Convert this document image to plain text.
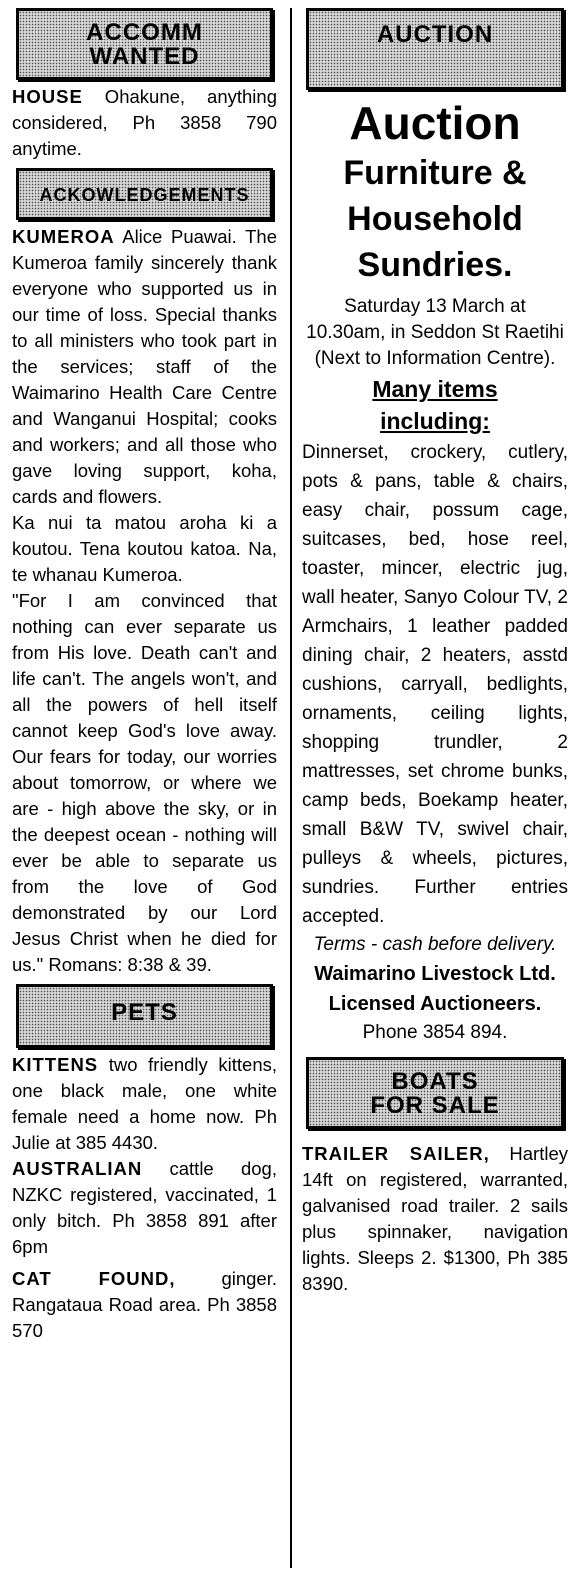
ACCOMM
WANTED

HOUSE Ohakune, anything considered, Ph 3858 790 anytime.

ACKOWLEDGEMENTS
KUMEROA Alice Puawai. The Kumeroa family sincerely thank everyone who supported us in our time of loss. Special thanks to all ministers who took part in the services; staff of the Waimarino Health Care Centre and Wanganui Hospital; cooks and workers; and all those who gave loving support, koha, cards and flowers.
Ka nui ta matou aroha ki a koutou. Tena koutou katoa. Na, te whanau Kumeroa.
"For I am convinced that nothing can ever separate us from His love. Death can't and life can't. The angels won't, and all the powers of hell itself cannot keep God's love away. Our fears for today, our worries about tomorrow, or where we are - high above the sky, or in the deepest ocean - nothing will ever be able to separate us from the love of God demonstrated by our Lord Jesus Christ when he died for us." Romans: 8:38 & 39.
PETS

KITTENS two friendly kittens, one black male, one white female need a home now. Ph Julie at 385 4430.

AUSTRALIAN cattle dog, NZKC registered, vaccinated, 1 only bitch. Ph 3858 891 after 6pm

CAT FOUND, ginger. Rangataua Road area. Ph 3858 570

AUCTION
Auction
Furniture &
Household
Sundries.
Saturday 13 March at 10.30am, in Seddon St Raetihi (Next to Information Centre).
Many items
including:
Dinnerset, crockery, cutlery, pots & pans, table & chairs, easy chair, possum cage, suitcases, bed, hose reel, toaster, mincer, electric jug, wall heater, Sanyo Colour TV, 2 Armchairs, 1 leather padded dining chair, 2 heaters, asstd cushions, carryall, bedlights, ornaments, ceiling lights, shopping trundler, 2 mattresses, set chrome bunks, camp beds, Boekamp heater, small B&W TV, swivel chair, pulleys & wheels, pictures, sundries. Further entries accepted.
Terms - cash before delivery.
Waimarino Livestock Ltd.
Licensed Auctioneers.
Phone 3854 894.
BOATS
FOR SALE

TRAILER SAILER, Hartley 14ft on registered, warranted, galvanised road trailer. 2 sails plus spinnaker, navigation lights. Sleeps 2. $1300, Ph 385 8390.
